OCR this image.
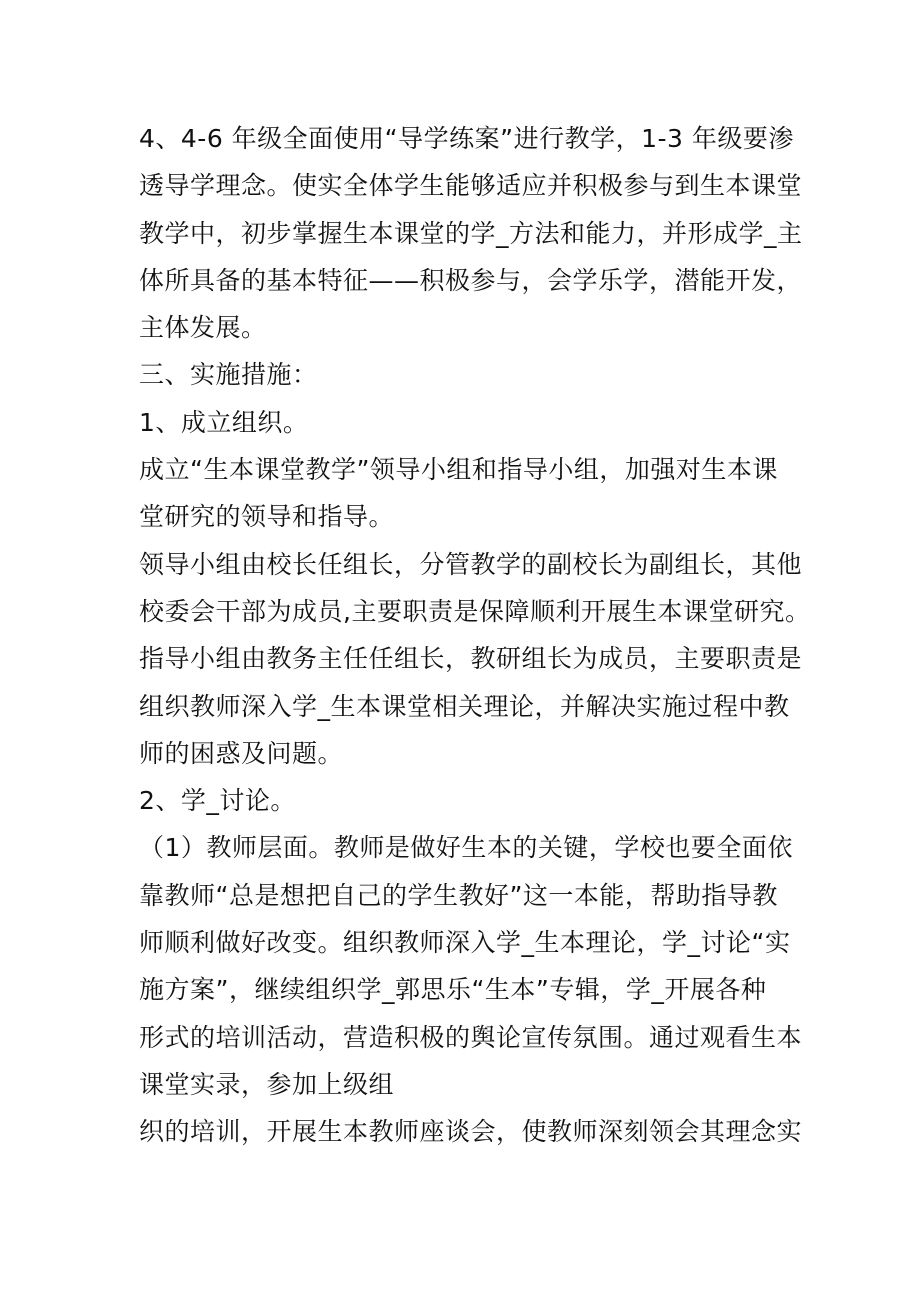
4、4-6 年级全面使用“导学练案”进行教学，1-3 年级要渗
透导学理念。使实全体学生能够适应并积极参与到生本课堂
教学中，初步掌握生本课堂的学_方法和能力，并形成学_主
体所具备的基本特征——积极参与，会学乐学，潜能开发，
主体发展。
三、实施措施：
1、成立组织。
成立“生本课堂教学”领导小组和指导小组，加强对生本课
堂研究的领导和指导。
领导小组由校长任组长，分管教学的副校长为副组长，其他
校委会干部为成员,主要职责是保障顺利开展生本课堂研究。
指导小组由教务主任任组长，教研组长为成员，主要职责是
组织教师深入学_生本课堂相关理论，并解决实施过程中教
师的困惑及问题。
2、学_讨论。
（1）教师层面。教师是做好生本的关键，学校也要全面依
靠教师“总是想把自己的学生教好”这一本能，帮助指导教
师顺利做好改变。组织教师深入学_生本理论，学_讨论“实
施方案”，继续组织学_郭思乐“生本”专辑，学_开展各种
形式的培训活动，营造积极的舆论宣传氛围。通过观看生本
课堂实录，参加上级组
织的培训，开展生本教师座谈会，使教师深刻领会其理念实
